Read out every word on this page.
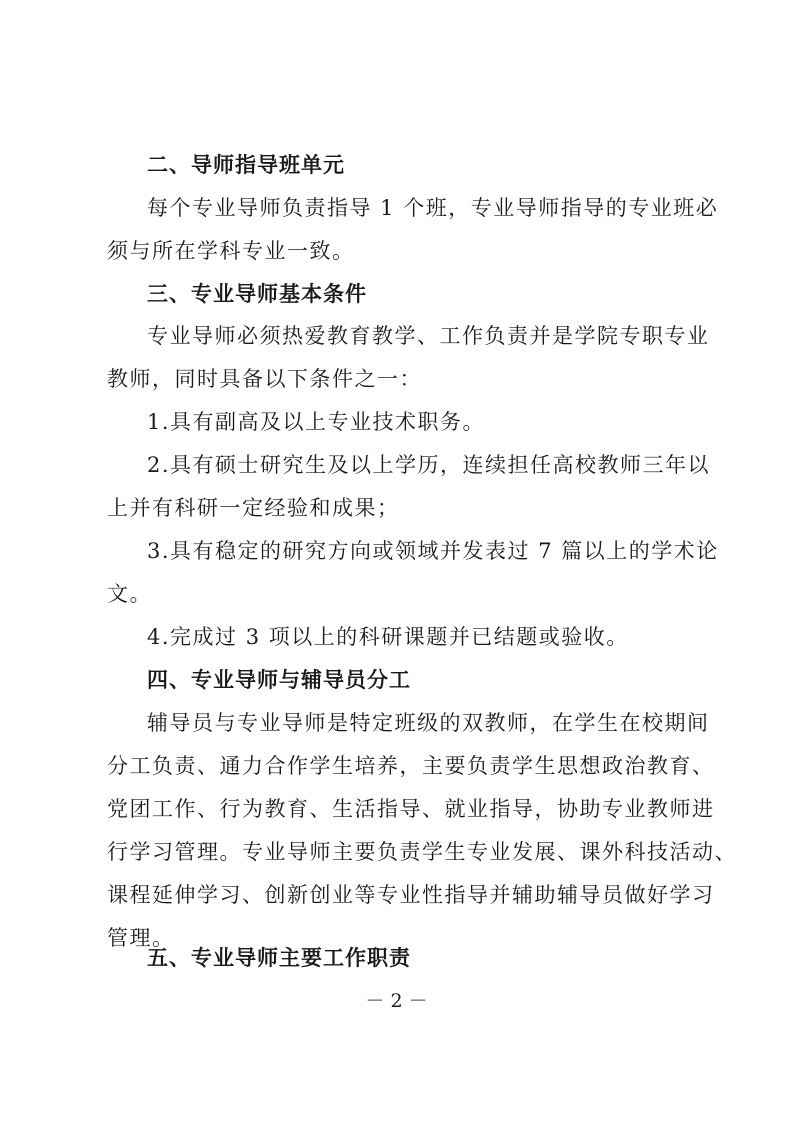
二、导师指导班单元
每个专业导师负责指导 1 个班，专业导师指导的专业班必
须与所在学科专业一致。
三、专业导师基本条件
专业导师必须热爱教育教学、工作负责并是学院专职专业
教师，同时具备以下条件之一：
1.具有副高及以上专业技术职务。
2.具有硕士研究生及以上学历，连续担任高校教师三年以
上并有科研一定经验和成果；
3.具有稳定的研究方向或领域并发表过 7 篇以上的学术论
文。
4.完成过 3 项以上的科研课题并已结题或验收。
四、专业导师与辅导员分工
辅导员与专业导师是特定班级的双教师，在学生在校期间
分工负责、通力合作学生培养，主要负责学生思想政治教育、
党团工作、行为教育、生活指导、就业指导，协助专业教师进
行学习管理。专业导师主要负责学生专业发展、课外科技活动、
课程延伸学习、创新创业等专业性指导并辅助辅导员做好学习
管理。
五、专业导师主要工作职责
－ 2 －
